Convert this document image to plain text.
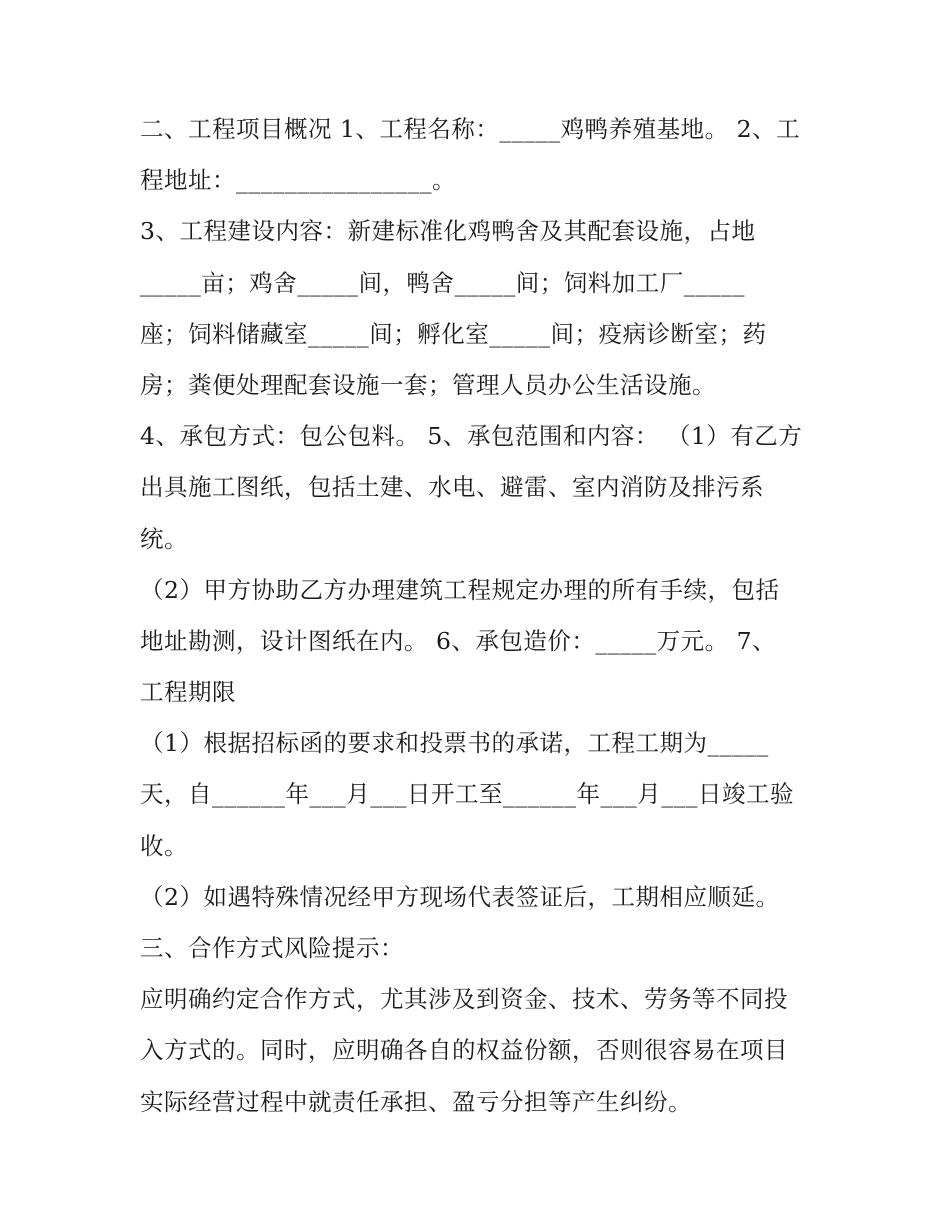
二、工程项目概况 1、工程名称：_____鸡鸭养殖基地。 2、工
程地址：________________。
3、工程建设内容：新建标准化鸡鸭舍及其配套设施，占地
_____亩；鸡舍_____间，鸭舍_____间；饲料加工厂_____
座；饲料储藏室_____间；孵化室_____间；疫病诊断室；药
房；粪便处理配套设施一套；管理人员办公生活设施。
4、承包方式：包公包料。 5、承包范围和内容： （1）有乙方
出具施工图纸，包括土建、水电、避雷、室内消防及排污系
统。
（2）甲方协助乙方办理建筑工程规定办理的所有手续，包括
地址勘测，设计图纸在内。 6、承包造价：_____万元。 7、
工程期限
（1）根据招标函的要求和投票书的承诺，工程工期为_____
天，自______年___月___日开工至______年___月___日竣工验
收。
（2）如遇特殊情况经甲方现场代表签证后，工期相应顺延。
三、合作方式风险提示：
应明确约定合作方式，尤其涉及到资金、技术、劳务等不同投
入方式的。同时，应明确各自的权益份额，否则很容易在项目
实际经营过程中就责任承担、盈亏分担等产生纠纷。
